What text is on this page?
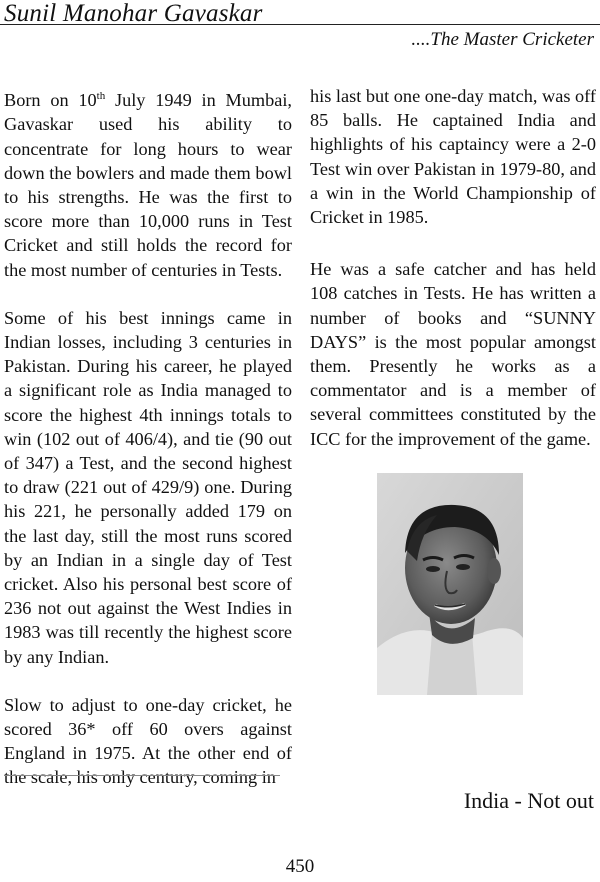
Sunil Manohar Gavaskar
....The Master Cricketer

Born on 10th July 1949 in Mumbai, Gavaskar used his ability to concentrate for long hours to wear down the bowlers and made them bowl to his strengths. He was the first to score more than 10,000 runs in Test Cricket and still holds the record for the most number of centuries in Tests.

Some of his best innings came in Indian losses, including 3 centuries in Pakistan. During his career, he played a significant role as India managed to score the highest 4th innings totals to win (102 out of 406/4), and tie (90 out of 347) a Test, and the second highest to draw (221 out of 429/9) one. During his 221, he personally added 179 on the last day, still the most runs scored by an Indian in a single day of Test cricket. Also his personal best score of 236 not out against the West Indies in 1983 was till recently the highest score by any Indian.

Slow to adjust to one-day cricket, he scored 36* off 60 overs against England in 1975. At the other end of the scale, his only century, coming in

his last but one one-day match, was off 85 balls. He captained India and highlights of his captaincy were a 2-0 Test win over Pakistan in 1979-80, and a win in the World Championship of Cricket in 1985.

He was a safe catcher and has held 108 catches in Tests. He has written a number of books and “SUNNY DAYS” is the most popular amongst them. Presently he works as a commentator and is a member of several committees constituted by the ICC for the improvement of the game.

India - Not out
450
